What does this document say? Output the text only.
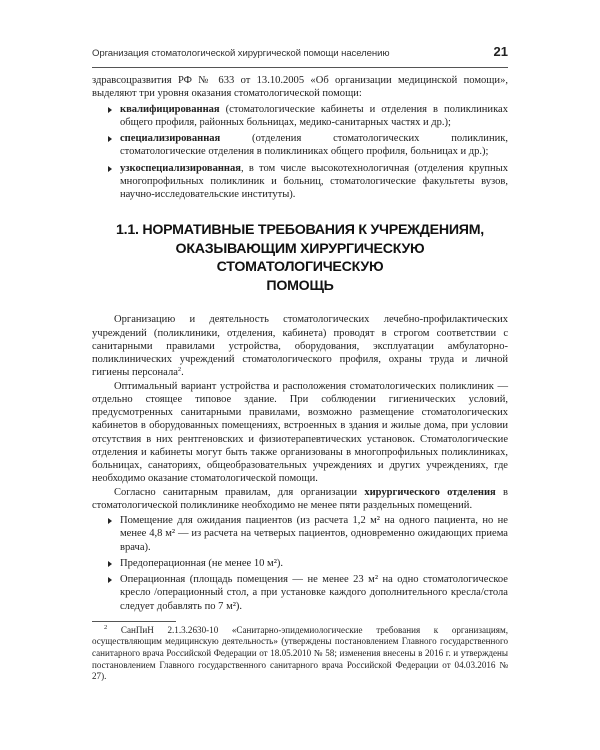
Организация стоматологической хирургической помощи населению	21

здравсоцразвития РФ № 633 от 13.10.2005 «Об организации медицинской помощи», выделяют три уровня оказания стоматологической помощи:

квалифицированная (стоматологические кабинеты и отделения в поликлиниках общего профиля, районных больницах, медико-санитарных частях и др.);
специализированная (отделения стоматологических поликлиник, стоматологические отделения в поликлиниках общего профиля, больницах и др.);
узкоспециализированная, в том числе высокотехнологичная (отделения крупных многопрофильных поликлиник и больниц, стоматологические факультеты вузов, научно-исследовательские институты).
1.1. НОРМАТИВНЫЕ ТРЕБОВАНИЯ К УЧРЕЖДЕНИЯМ,
ОКАЗЫВАЮЩИМ ХИРУРГИЧЕСКУЮ СТОМАТОЛОГИЧЕСКУЮ
ПОМОЩЬ

Организацию и деятельность стоматологических лечебно-профилактических учреждений (поликлиники, отделения, кабинета) проводят в строгом соответствии с санитарными правилами устройства, оборудования, эксплуатации амбулаторно-поликлинических учреждений стоматологического профиля, охраны труда и личной гигиены персонала$^2$.

Оптимальный вариант устройства и расположения стоматологических поликлиник — отдельно стоящее типовое здание. При соблюдении гигиенических условий, предусмотренных санитарными правилами, возможно размещение стоматологических кабинетов в оборудованных помещениях, встроенных в здания и жилые дома, при условии отсутствия в них рентгеновских и физиотерапевтических установок. Стоматологические отделения и кабинеты могут быть также организованы в многопрофильных поликлиниках, больницах, санаториях, общеобразовательных учреждениях и других учреждениях, где необходимо оказание стоматологической помощи.

Согласно санитарным правилам, для организации хирургического отделения в стоматологической поликлинике необходимо не менее пяти раздельных помещений.

Помещение для ожидания пациентов (из расчета 1,2 м² на одного пациента, но не менее 4,8 м² — из расчета на четверых пациентов, одновременно ожидающих приема врача).
Предоперационная (не менее 10 м²).
Операционная (площадь помещения — не менее 23 м² на одно стоматологическое кресло /операционный стол, а при установке каждого дополнительного кресла/стола следует добавлять по 7 м²).

$^2$ СанПиН 2.1.3.2630-10 «Санитарно-эпидемиологические требования к организациям, осуществляющим медицинскую деятельность» (утверждены постановлением Главного государственного санитарного врача Российской Федерации от 18.05.2010 № 58; изменения внесены в 2016 г. и утверждены постановлением Главного государственного санитарного врача Российской Федерации от 04.03.2016 № 27).
